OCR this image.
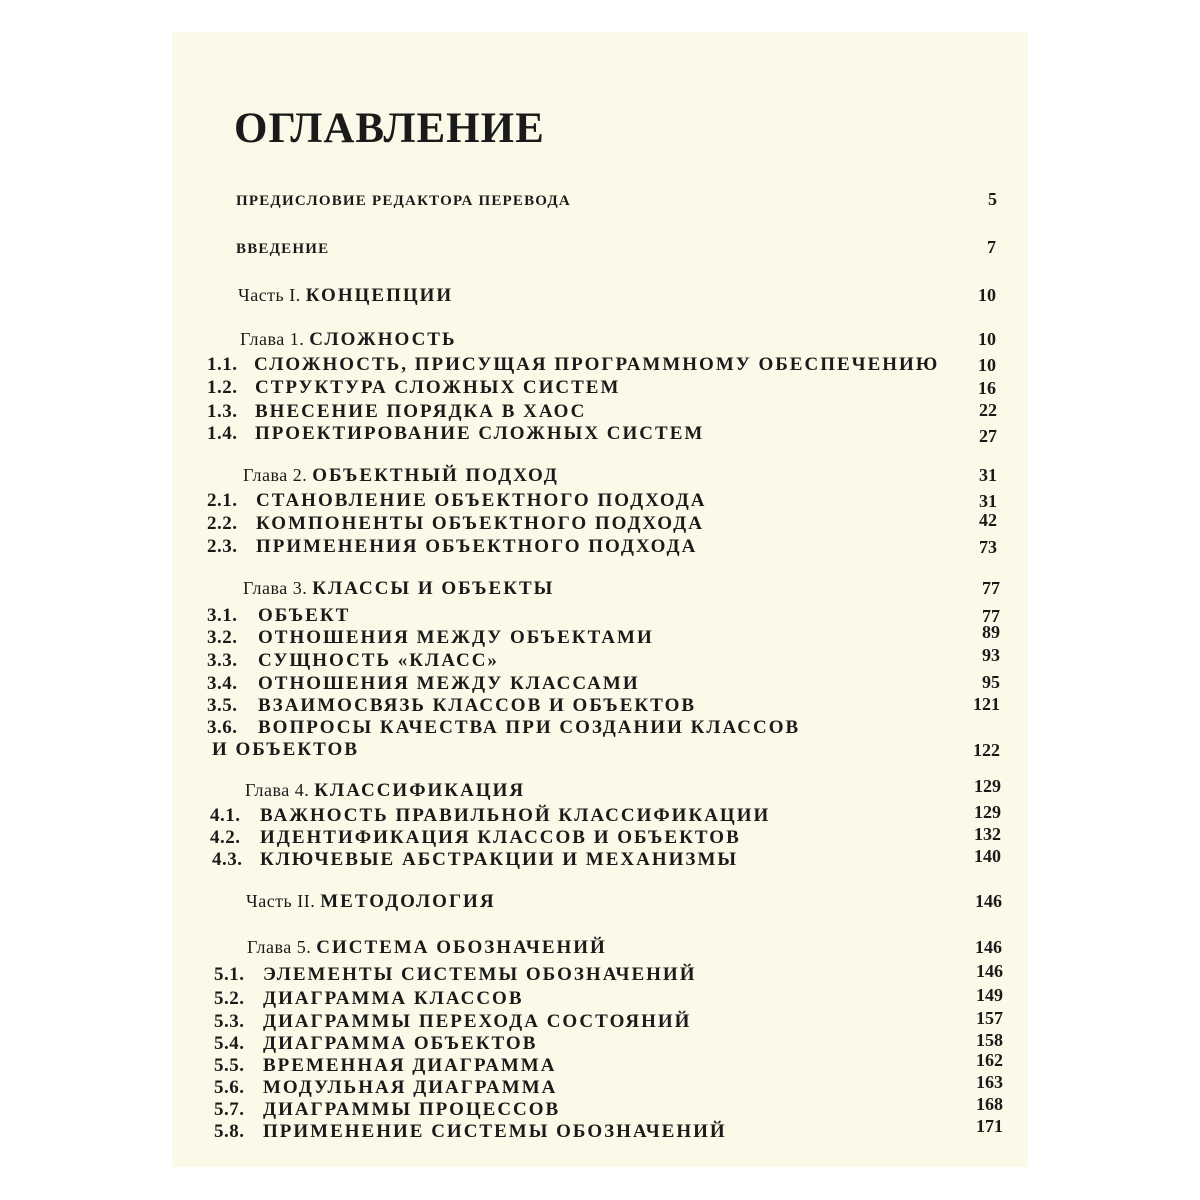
ОГЛАВЛЕНИЕ
ПРЕДИСЛОВИЕ РЕДАКТОРА ПЕРЕВОДА	5
ВВЕДЕНИЕ	7
Часть I. КОНЦЕПЦИИ	10
Глава 1. СЛОЖНОСТЬ	10
1.1. СЛОЖНОСТЬ, ПРИСУЩАЯ ПРОГРАММНОМУ ОБЕСПЕЧЕНИЮ	10
1.2. СТРУКТУРА СЛОЖНЫХ СИСТЕМ	16
1.3. ВНЕСЕНИЕ ПОРЯДКА В ХАОС	22
1.4. ПРОЕКТИРОВАНИЕ СЛОЖНЫХ СИСТЕМ	27
Глава 2. ОБЪЕКТНЫЙ ПОДХОД	31
2.1. СТАНОВЛЕНИЕ ОБЪЕКТНОГО ПОДХОДА	31
2.2. КОМПОНЕНТЫ ОБЪЕКТНОГО ПОДХОДА	42
2.3. ПРИМЕНЕНИЯ ОБЪЕКТНОГО ПОДХОДА	73
Глава 3. КЛАССЫ И ОБЪЕКТЫ	77
3.1. ОБЪЕКТ	77
3.2. ОТНОШЕНИЯ МЕЖДУ ОБЪЕКТАМИ	89
3.3. СУЩНОСТЬ «КЛАСС»	93
3.4. ОТНОШЕНИЯ МЕЖДУ КЛАССАМИ	95
3.5. ВЗАИМОСВЯЗЬ КЛАССОВ И ОБЪЕКТОВ	121
3.6. ВОПРОСЫ КАЧЕСТВА ПРИ СОЗДАНИИ КЛАССОВ
И ОБЪЕКТОВ	122
Глава 4. КЛАССИФИКАЦИЯ	129
4.1. ВАЖНОСТЬ ПРАВИЛЬНОЙ КЛАССИФИКАЦИИ	129
4.2. ИДЕНТИФИКАЦИЯ КЛАССОВ И ОБЪЕКТОВ	132
4.3. КЛЮЧЕВЫЕ АБСТРАКЦИИ И МЕХАНИЗМЫ	140
Часть II. МЕТОДОЛОГИЯ	146
Глава 5. СИСТЕМА ОБОЗНАЧЕНИЙ	146
5.1. ЭЛЕМЕНТЫ СИСТЕМЫ ОБОЗНАЧЕНИЙ	146
5.2. ДИАГРАММА КЛАССОВ	149
5.3. ДИАГРАММЫ ПЕРЕХОДА СОСТОЯНИЙ	157
5.4. ДИАГРАММА ОБЪЕКТОВ	158
5.5. ВРЕМЕННАЯ ДИАГРАММА	162
5.6. МОДУЛЬНАЯ ДИАГРАММА	163
5.7. ДИАГРАММЫ ПРОЦЕССОВ	168
5.8. ПРИМЕНЕНИЕ СИСТЕМЫ ОБОЗНАЧЕНИЙ	171
